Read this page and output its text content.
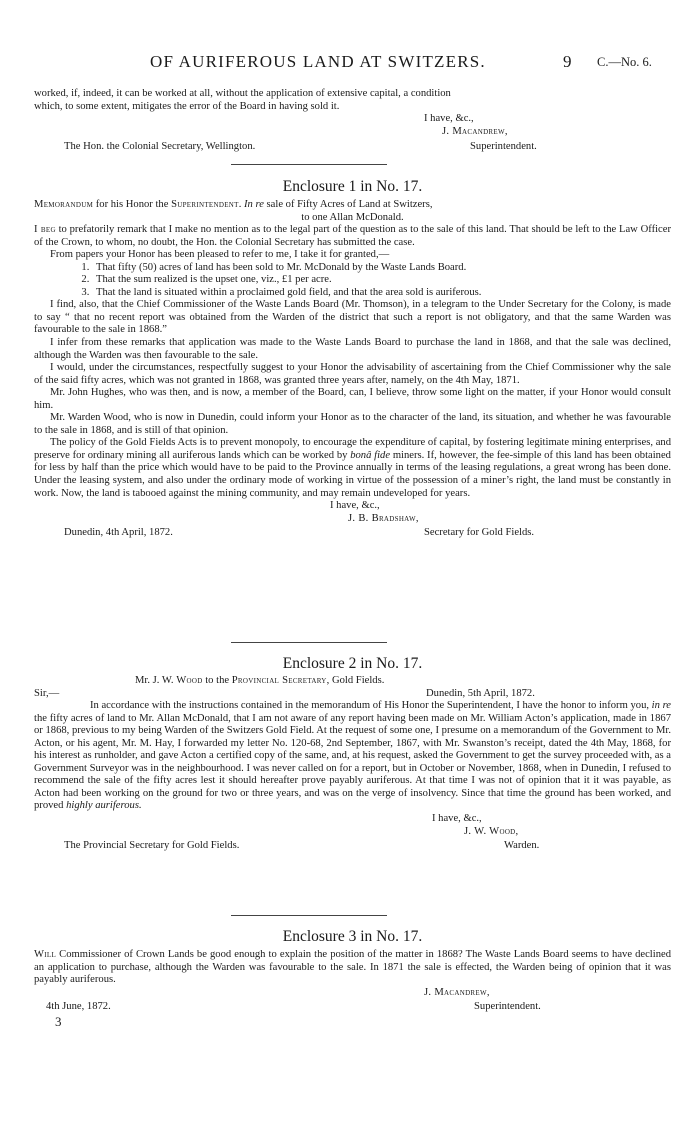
OF AURIFEROUS LAND AT SWITZERS.	9 C.—No. 6.

worked, if, indeed, it can be worked at all, without the application of extensive capital, a condition

which, to some extent, mitigates the error of the Board in having sold it.

I have, &c.,
J. Macandrew,
The Hon. the Colonial Secretary, Wellington.	Superintendent.
Enclosure 1 in No. 17.

Memorandum for his Honor the Superintendent. In re sale of Fifty Acres of Land at Switzers,

to one Allan McDonald.

I beg to prefatorily remark that I make no mention as to the legal part of the question as to the sale of this land. That should be left to the Law Officer of the Crown, to whom, no doubt, the Hon. the Colonial Secretary has submitted the case.

From papers your Honor has been pleased to refer to me, I take it for granted,—

1. That fifty (50) acres of land has been sold to Mr. McDonald by the Waste Lands Board.
2. That the sum realized is the upset one, viz., £1 per acre.
3. That the land is situated within a proclaimed gold field, and that the area sold is auriferous.

I find, also, that the Chief Commissioner of the Waste Lands Board (Mr. Thomson), in a telegram to the Under Secretary for the Colony, is made to say “ that no recent report was obtained from the Warden of the district that such a report is not obligatory, and that the same Warden was favourable to the sale in 1868.”

I infer from these remarks that application was made to the Waste Lands Board to purchase the land in 1868, and that the sale was declined, although the Warden was then favourable to the sale.

I would, under the circumstances, respectfully suggest to your Honor the advisability of ascertaining from the Chief Commissioner why the sale of the said fifty acres, which was not granted in 1868, was granted three years after, namely, on the 4th May, 1871.

Mr. John Hughes, who was then, and is now, a member of the Board, can, I believe, throw some light on the matter, if your Honor would consult him.

Mr. Warden Wood, who is now in Dunedin, could inform your Honor as to the character of the land, its situation, and whether he was favourable to the sale in 1868, and is still of that opinion.

The policy of the Gold Fields Acts is to prevent monopoly, to encourage the expenditure of capital, by fostering legitimate mining enterprises, and preserve for ordinary mining all auriferous lands which can be worked by bonâ fide miners. If, however, the fee-simple of this land has been obtained for less by half than the price which would have to be paid to the Province annually in terms of the leasing regulations, a great wrong has been done. Under the leasing system, and also under the ordinary mode of working in virtue of the possession of a miner’s right, the land must be constantly in work. Now, the land is tabooed against the mining community, and may remain undeveloped for years.

I have, &c.,
J. B. Bradshaw,
Dunedin, 4th April, 1872.	Secretary for Gold Fields.
Enclosure 2 in No. 17.

Mr. J. W. Wood to the Provincial Secretary, Gold Fields.

Sir,—	Dunedin, 5th April, 1872.

In accordance with the instructions contained in the memorandum of His Honor the Superintendent, I have the honor to inform you, in re the fifty acres of land to Mr. Allan McDonald, that I am not aware of any report having been made on Mr. William Acton’s application, made in 1867 or 1868, previous to my being Warden of the Switzers Gold Field. At the request of some one, I presume on a memorandum of the Government to Mr. Acton, or his agent, Mr. M. Hay, I forwarded my letter No. 120-68, 2nd September, 1867, with Mr. Swanston’s receipt, dated the 4th May, 1868, for his interest as runholder, and gave Acton a certified copy of the same, and, at his request, asked the Government to get the survey proceeded with, as a Government Surveyor was in the neighbourhood. I was never called on for a report, but in October or November, 1868, when in Dunedin, I refused to recommend the sale of the fifty acres lest it should hereafter prove payably auriferous. At that time I was not of opinion that it it was payable, as Acton had been working on the ground for two or three years, and was on the verge of insolvency. Since that time the ground has been worked, and proved highly auriferous.

I have, &c.,
J. W. Wood,
The Provincial Secretary for Gold Fields.	Warden.
Enclosure 3 in No. 17.

Will Commissioner of Crown Lands be good enough to explain the position of the matter in 1868? The Waste Lands Board seems to have declined an application to purchase, although the Warden was favourable to the sale. In 1871 the sale is effected, the Warden being of opinion that it was payably auriferous.

J. Macandrew,
4th June, 1872.	Superintendent.
3
